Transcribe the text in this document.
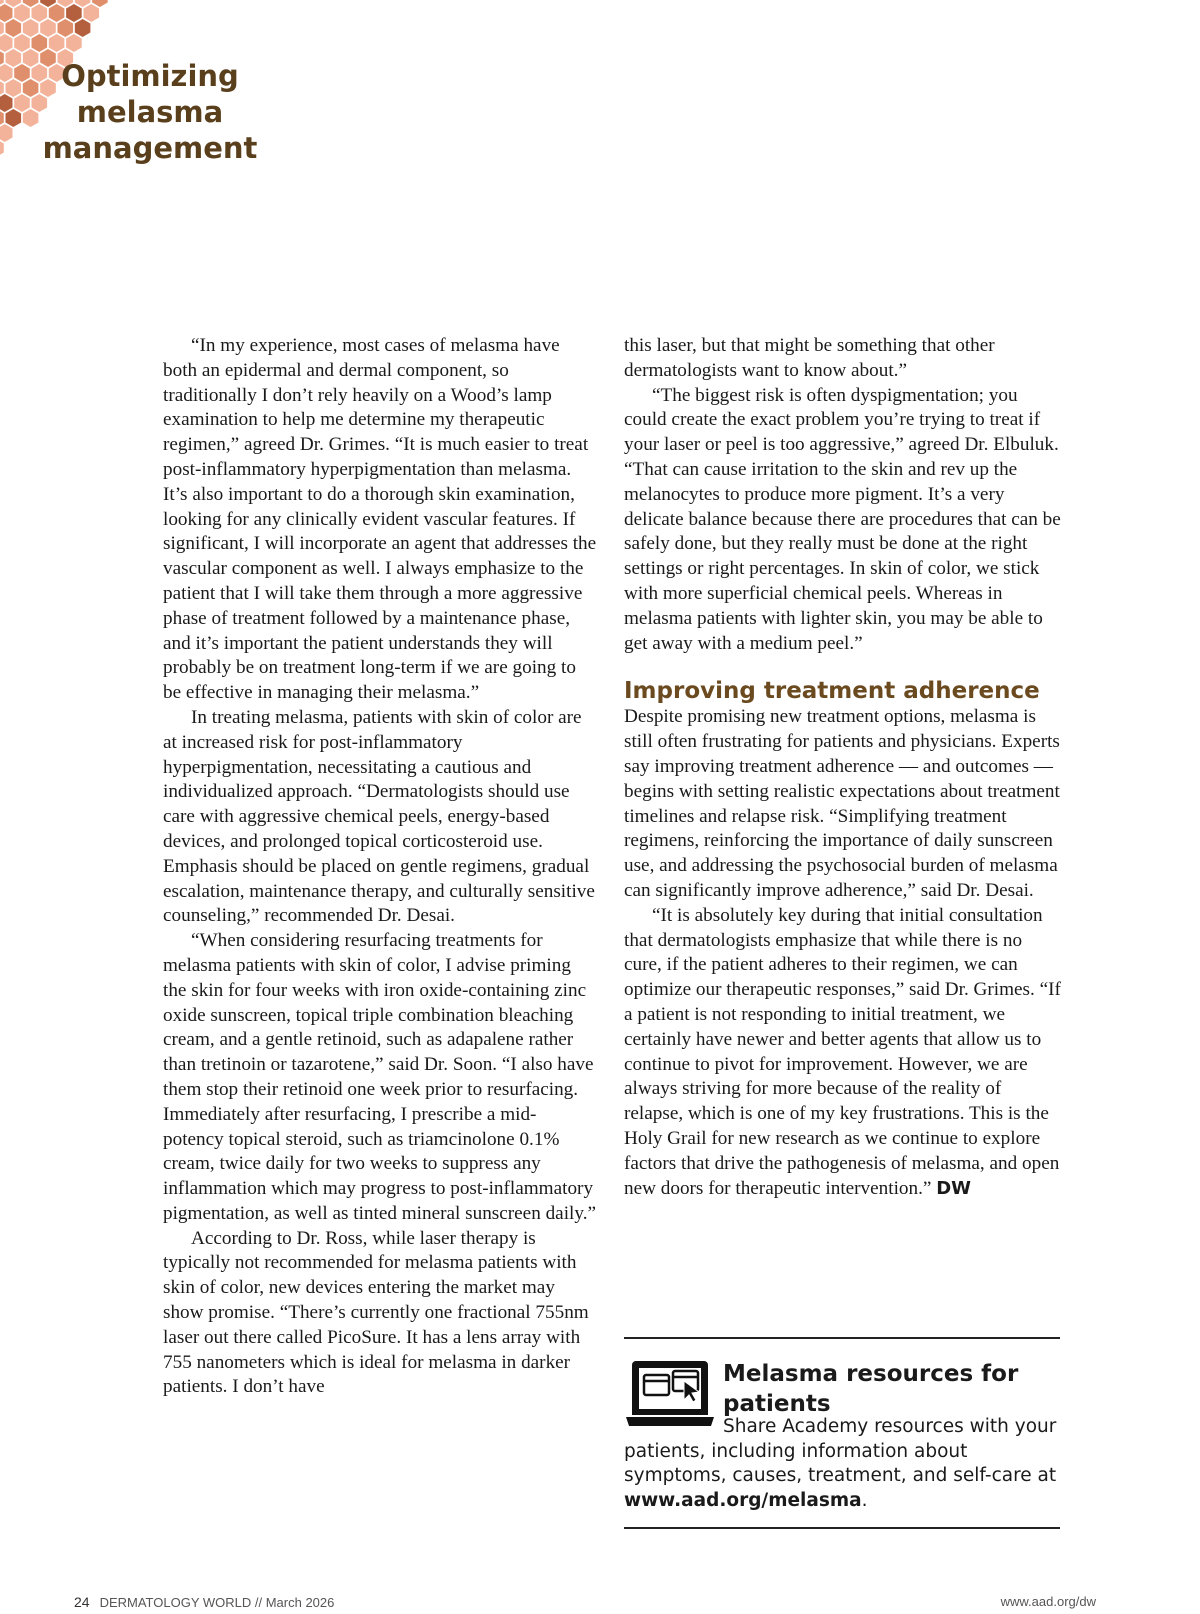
Optimizing
melasma
management

“In my experience, most cases of melasma have both an epidermal and dermal component, so traditionally I don’t rely heavily on a Wood’s lamp examination to help me determine my therapeutic regimen,” agreed Dr. Grimes. “It is much easier to treat post-inflammatory hyperpigmentation than melasma. It’s also important to do a thorough skin examination, looking for any clinically evident vascular features. If significant, I will incorporate an agent that addresses the vascular component as well. I always emphasize to the patient that I will take them through a more aggressive phase of treatment followed by a maintenance phase, and it’s important the patient understands they will probably be on treatment long-term if we are going to be effective in managing their melasma.”

In treating melasma, patients with skin of color are at increased risk for post-inflammatory hyperpigmentation, necessitating a cautious and individualized approach. “Dermatologists should use care with aggressive chemical peels, energy-based devices, and prolonged topical corticosteroid use. Emphasis should be placed on gentle regimens, gradual escalation, maintenance therapy, and culturally sensitive counseling,” recommended Dr. Desai.

“When considering resurfacing treatments for melasma patients with skin of color, I advise priming the skin for four weeks with iron oxide-containing zinc oxide sunscreen, topical triple combination bleaching cream, and a gentle retinoid, such as adapalene rather than tretinoin or tazarotene,” said Dr. Soon. “I also have them stop their retinoid one week prior to resurfacing. Immediately after resurfacing, I prescribe a mid-potency topical steroid, such as triamcinolone 0.1% cream, twice daily for two weeks to suppress any inflammation which may progress to post-inflammatory pigmentation, as well as tinted mineral sunscreen daily.”

According to Dr. Ross, while laser therapy is typically not recommended for melasma patients with skin of color, new devices entering the market may show promise. “There’s currently one fractional 755nm laser out there called PicoSure. It has a lens array with 755 nanometers which is ideal for melasma in darker patients. I don’t have

this laser, but that might be something that other dermatologists want to know about.”

“The biggest risk is often dyspigmentation; you could create the exact problem you’re trying to treat if your laser or peel is too aggressive,” agreed Dr. Elbuluk. “That can cause irritation to the skin and rev up the melanocytes to produce more pigment. It’s a very delicate balance because there are procedures that can be safely done, but they really must be done at the right settings or right percentages. In skin of color, we stick with more superficial chemical peels. Whereas in melasma patients with lighter skin, you may be able to get away with a medium peel.”

Improving treatment adherence

Despite promising new treatment options, melasma is still often frustrating for patients and physicians. Experts say improving treatment adherence — and outcomes — begins with setting realistic expectations about treatment timelines and relapse risk. “Simplifying treatment regimens, reinforcing the importance of daily sunscreen use, and addressing the psychosocial burden of melasma can significantly improve adherence,” said Dr. Desai.

“It is absolutely key during that initial consultation that dermatologists emphasize that while there is no cure, if the patient adheres to their regimen, we can optimize our therapeutic responses,” said Dr. Grimes. “If a patient is not responding to initial treatment, we certainly have newer and better agents that allow us to continue to pivot for improvement. However, we are always striving for more because of the reality of relapse, which is one of my key frustrations. This is the Holy Grail for new research as we continue to explore factors that drive the pathogenesis of melasma, and open new doors for therapeutic intervention.” DW

Melasma resources for patients

Share Academy resources with your patients, including information about symptoms, causes, treatment, and self-care at www.aad.org/melasma.

24 DERMATOLOGY WORLD // March 2026	www.aad.org/dw
